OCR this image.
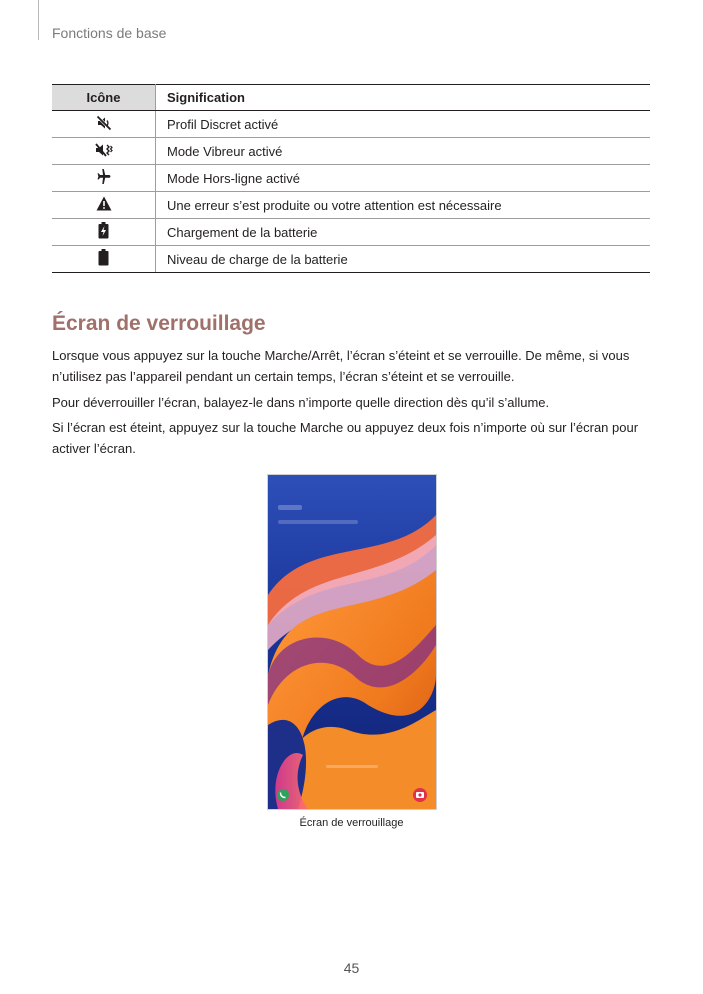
Fonctions de base
Icône	Signification
	Profil Discret activé
	Mode Vibreur activé
	Mode Hors-ligne activé
	Une erreur s’est produite ou votre attention est nécessaire
	Chargement de la batterie
	Niveau de charge de la batterie
Écran de verrouillage

Lorsque vous appuyez sur la touche Marche/Arrêt, l’écran s’éteint et se verrouille. De même, si vous n’utilisez pas l’appareil pendant un certain temps, l’écran s’éteint et se verrouille.

Pour déverrouiller l’écran, balayez-le dans n’importe quelle direction dès qu’il s’allume.

Si l’écran est éteint, appuyez sur la touche Marche ou appuyez deux fois n’importe où sur l’écran pour activer l’écran.

Écran de verrouillage
45
